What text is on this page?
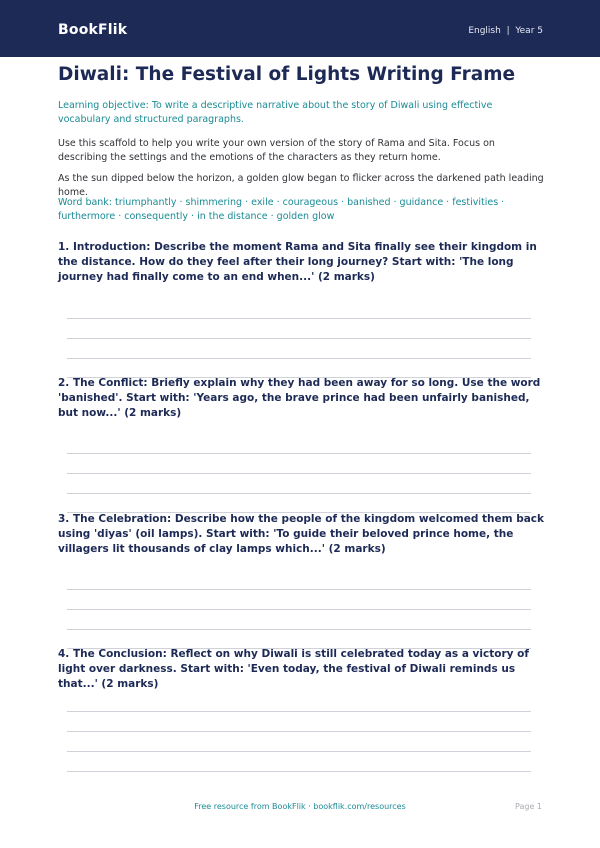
BookFlik	English | Year 5
Diwali: The Festival of Lights Writing Frame

Learning objective: To write a descriptive narrative about the story of Diwali using effective vocabulary and structured paragraphs.

Use this scaffold to help you write your own version of the story of Rama and Sita. Focus on describing the settings and the emotions of the characters as they return home.

As the sun dipped below the horizon, a golden glow began to flicker across the darkened path leading home.

Word bank: triumphantly · shimmering · exile · courageous · banished · guidance · festivities · furthermore · consequently · in the distance · golden glow

1. Introduction: Describe the moment Rama and Sita finally see their kingdom in the distance. How do they feel after their long journey? Start with: 'The long journey had finally come to an end when...' (2 marks)

2. The Conflict: Briefly explain why they had been away for so long. Use the word 'banished'. Start with: 'Years ago, the brave prince had been unfairly banished, but now...' (2 marks)

3. The Celebration: Describe how the people of the kingdom welcomed them back using 'diyas' (oil lamps). Start with: 'To guide their beloved prince home, the villagers lit thousands of clay lamps which...' (2 marks)

4. The Conclusion: Reflect on why Diwali is still celebrated today as a victory of light over darkness. Start with: 'Even today, the festival of Diwali reminds us that...' (2 marks)

Free resource from BookFlik · bookflik.com/resources	Page 1
